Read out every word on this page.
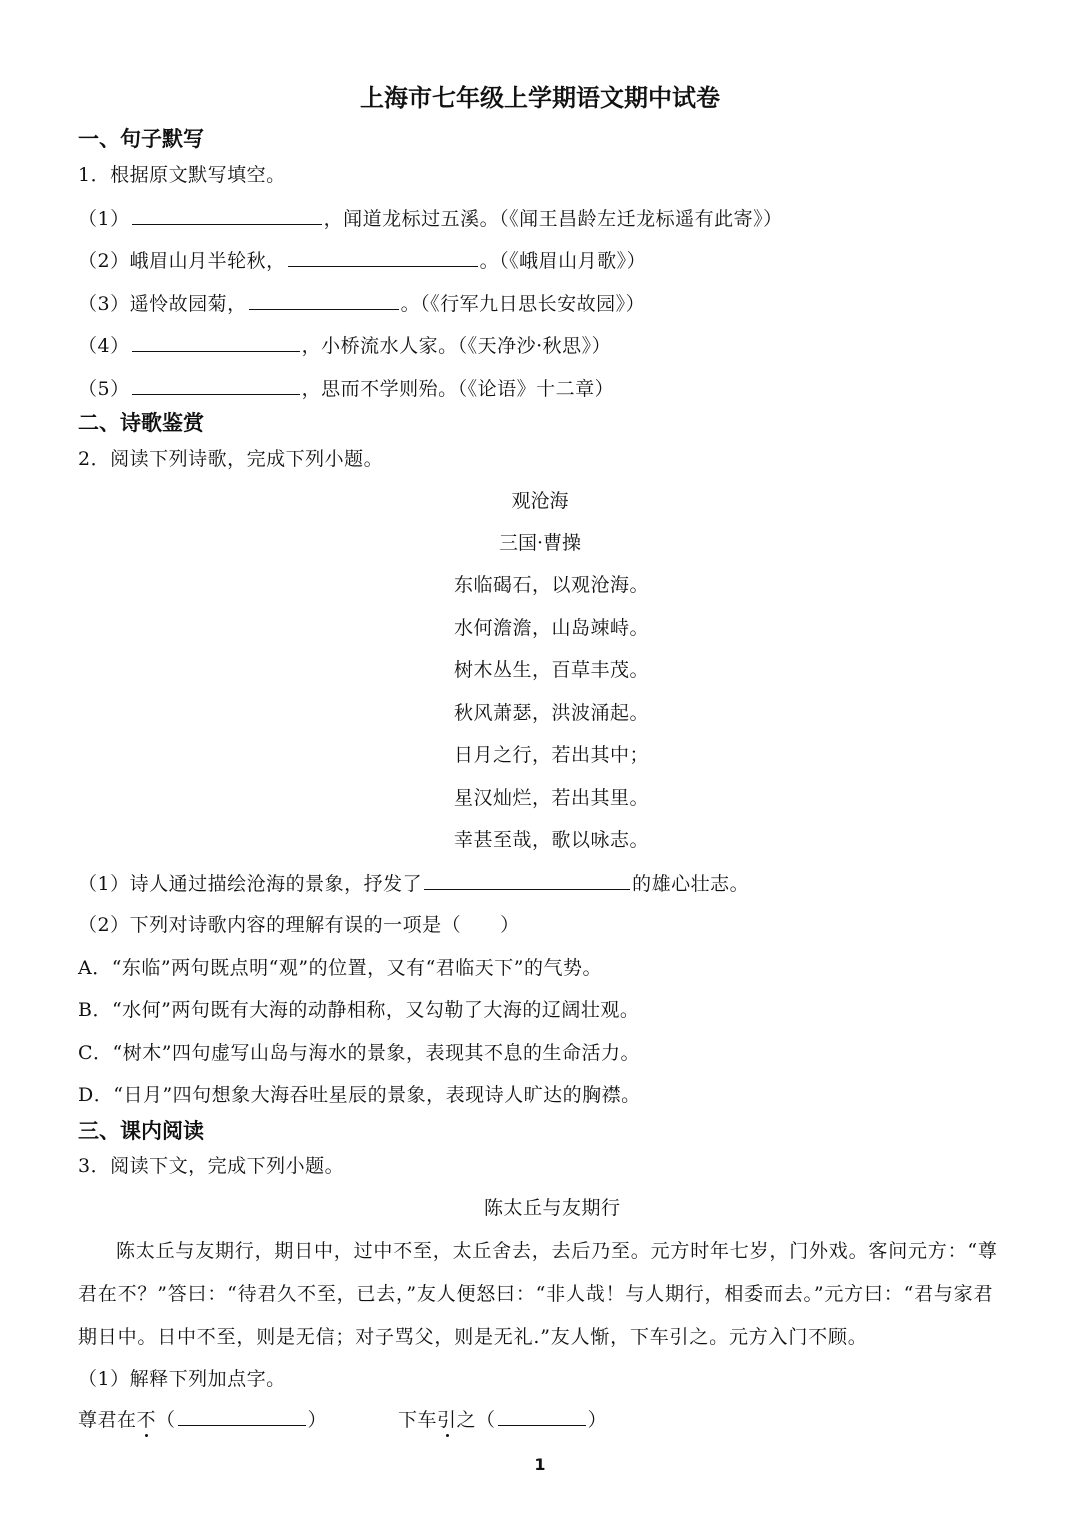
上海市七年级上学期语文期中试卷
一、句子默写
1．根据原文默写填空。
（1）	，闻道龙标过五溪。（《闻王昌龄左迁龙标遥有此寄》）
（2）峨眉山月半轮秋，	。（《峨眉山月歌》）
（3）遥怜故园菊，	。（《行军九日思长安故园》）
（4）	，小桥流水人家。（《天净沙·秋思》）
（5）	，思而不学则殆。（《论语》十二章）
二、诗歌鉴赏
2．阅读下列诗歌，完成下列小题。
观沧海
三国·曹操
东临碣石，以观沧海。
水何澹澹，山岛竦峙。
树木丛生，百草丰茂。
秋风萧瑟，洪波涌起。
日月之行，若出其中；
星汉灿烂，若出其里。
幸甚至哉，歌以咏志。
（1）诗人通过描绘沧海的景象，抒发了	的雄心壮志。
（2）下列对诗歌内容的理解有误的一项是（　　）
A．“东临”两句既点明“观”的位置，又有“君临天下”的气势。
B．“水何”两句既有大海的动静相称，又勾勒了大海的辽阔壮观。
C．“树木”四句虚写山岛与海水的景象，表现其不息的生命活力。
D．“日月”四句想象大海吞吐星辰的景象，表现诗人旷达的胸襟。
三、课内阅读
3．阅读下文，完成下列小题。
陈太丘与友期行
陈太丘与友期行，期日中，过中不至，太丘舍去，去后乃至。元方时年七岁，门外戏。客问元方：“尊君在不？”答曰：“待君久不至，已去，”友人便怒曰：“非人哉！与人期行，相委而去。”元方曰：“君与家君期日中。日中不至，则是无信；对子骂父，则是无礼.”友人惭，下车引之。元方入门不顾。
（1）解释下列加点字。
尊君在不（	）	下车引之（	）
1
